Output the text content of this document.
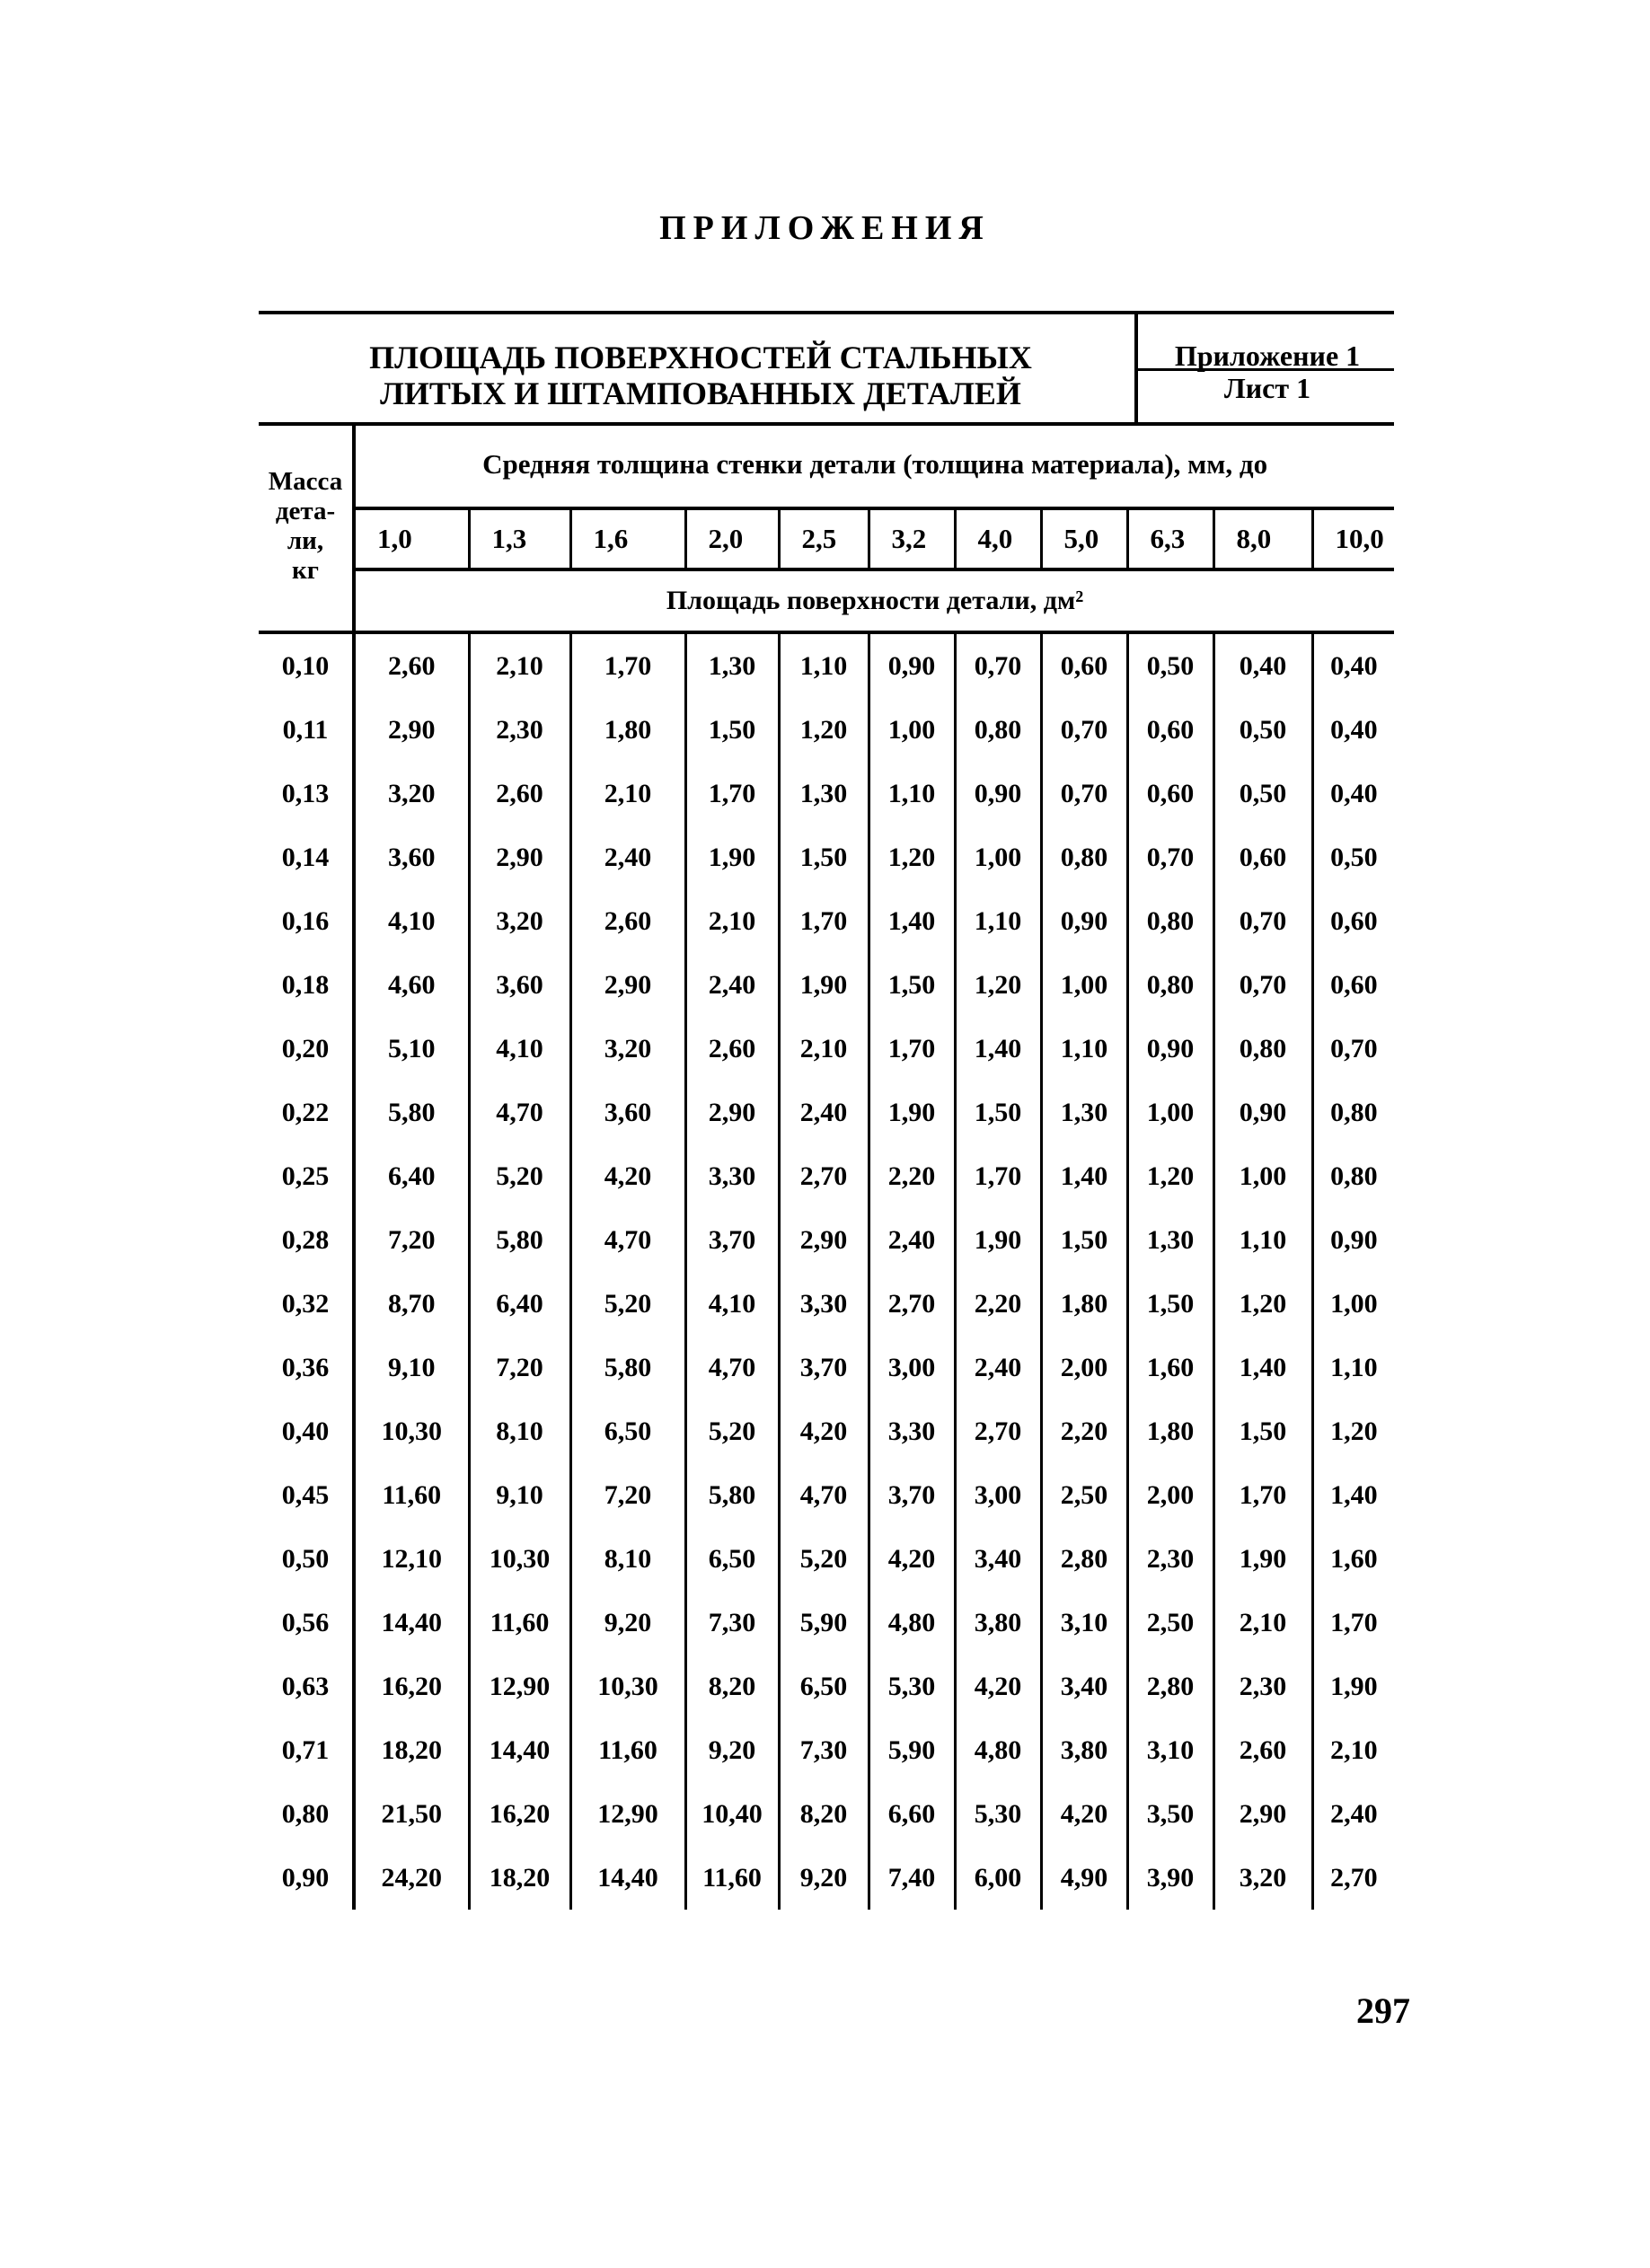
ПРИЛОЖЕНИЯ
ПЛОЩАДЬ ПОВЕРХНОСТЕЙ СТАЛЬНЫХ
ЛИТЫХ И ШТАМПОВАННЫХ ДЕТАЛЕЙ
Приложение 1
Лист 1
Масса
дета-
ли,
кг	Средняя толщина стенки детали (толщина материала), мм, до										
	1,0	1,3	1,6	2,0	2,5	3,2	4,0	5,0	6,3	8,0	10,0
	Площадь поверхности детали, дм²										
0,10	2,60	2,10	1,70	1,30	1,10	0,90	0,70	0,60	0,50	0,40	0,40
0,11	2,90	2,30	1,80	1,50	1,20	1,00	0,80	0,70	0,60	0,50	0,40
0,13	3,20	2,60	2,10	1,70	1,30	1,10	0,90	0,70	0,60	0,50	0,40
0,14	3,60	2,90	2,40	1,90	1,50	1,20	1,00	0,80	0,70	0,60	0,50
0,16	4,10	3,20	2,60	2,10	1,70	1,40	1,10	0,90	0,80	0,70	0,60
0,18	4,60	3,60	2,90	2,40	1,90	1,50	1,20	1,00	0,80	0,70	0,60
0,20	5,10	4,10	3,20	2,60	2,10	1,70	1,40	1,10	0,90	0,80	0,70
0,22	5,80	4,70	3,60	2,90	2,40	1,90	1,50	1,30	1,00	0,90	0,80
0,25	6,40	5,20	4,20	3,30	2,70	2,20	1,70	1,40	1,20	1,00	0,80
0,28	7,20	5,80	4,70	3,70	2,90	2,40	1,90	1,50	1,30	1,10	0,90
0,32	8,70	6,40	5,20	4,10	3,30	2,70	2,20	1,80	1,50	1,20	1,00
0,36	9,10	7,20	5,80	4,70	3,70	3,00	2,40	2,00	1,60	1,40	1,10
0,40	10,30	8,10	6,50	5,20	4,20	3,30	2,70	2,20	1,80	1,50	1,20
0,45	11,60	9,10	7,20	5,80	4,70	3,70	3,00	2,50	2,00	1,70	1,40
0,50	12,10	10,30	8,10	6,50	5,20	4,20	3,40	2,80	2,30	1,90	1,60
0,56	14,40	11,60	9,20	7,30	5,90	4,80	3,80	3,10	2,50	2,10	1,70
0,63	16,20	12,90	10,30	8,20	6,50	5,30	4,20	3,40	2,80	2,30	1,90
0,71	18,20	14,40	11,60	9,20	7,30	5,90	4,80	3,80	3,10	2,60	2,10
0,80	21,50	16,20	12,90	10,40	8,20	6,60	5,30	4,20	3,50	2,90	2,40
0,90	24,20	18,20	14,40	11,60	9,20	7,40	6,00	4,90	3,90	3,20	2,70
297
